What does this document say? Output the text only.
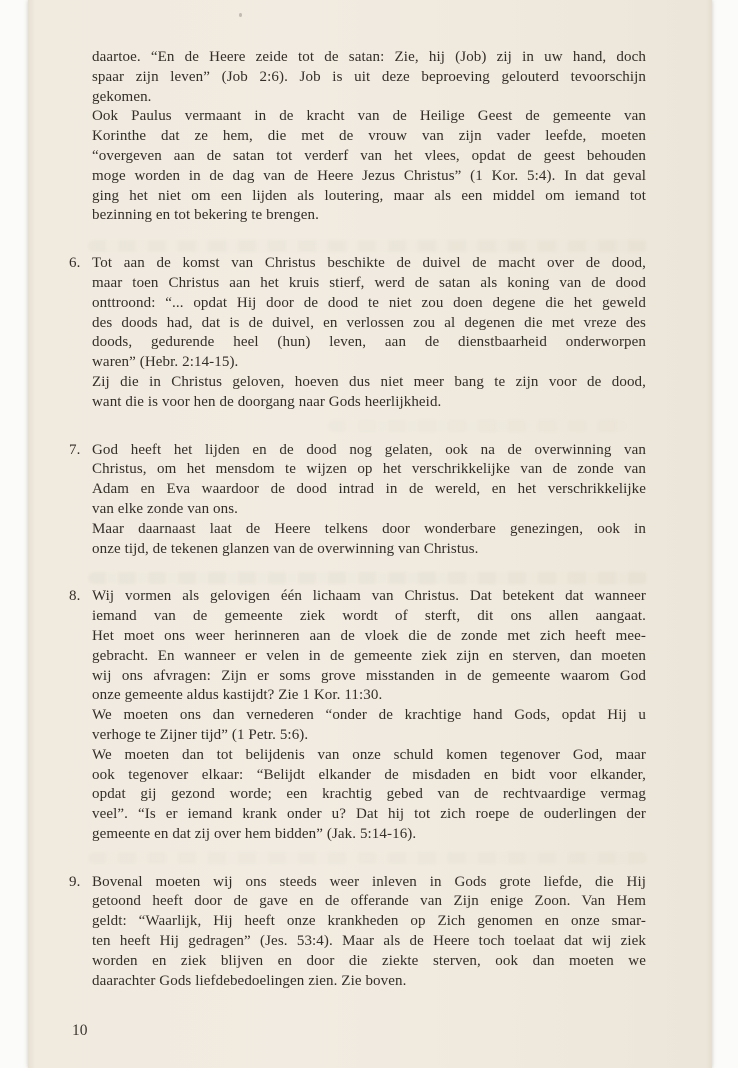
daartoe. “En de Heere zeide tot de satan: Zie, hij (Job) zij in uw hand, doch
spaar zijn leven” (Job 2:6). Job is uit deze beproeving gelouterd tevoorschijn
gekomen.
Ook Paulus vermaant in de kracht van de Heilige Geest de gemeente van
Korinthe dat ze hem, die met de vrouw van zijn vader leefde, moeten
“overgeven aan de satan tot verderf van het vlees, opdat de geest behouden
moge worden in de dag van de Heere Jezus Christus” (1 Kor. 5:4). In dat geval
ging het niet om een lijden als loutering, maar als een middel om iemand tot
bezinning en tot bekering te brengen.
6. Tot aan de komst van Christus beschikte de duivel de macht over de dood,
maar toen Christus aan het kruis stierf, werd de satan als koning van de dood
onttroond: “... opdat Hij door de dood te niet zou doen degene die het geweld
des doods had, dat is de duivel, en verlossen zou al degenen die met vreze des
doods, gedurende heel (hun) leven, aan de dienstbaarheid onderworpen
waren” (Hebr. 2:14-15).
Zij die in Christus geloven, hoeven dus niet meer bang te zijn voor de dood,
want die is voor hen de doorgang naar Gods heerlijkheid.
7. God heeft het lijden en de dood nog gelaten, ook na de overwinning van
Christus, om het mensdom te wijzen op het verschrikkelijke van de zonde van
Adam en Eva waardoor de dood intrad in de wereld, en het verschrikkelijke
van elke zonde van ons.
Maar daarnaast laat de Heere telkens door wonderbare genezingen, ook in
onze tijd, de tekenen glanzen van de overwinning van Christus.
8. Wij vormen als gelovigen één lichaam van Christus. Dat betekent dat wanneer
iemand van de gemeente ziek wordt of sterft, dit ons allen aangaat.
Het moet ons weer herinneren aan de vloek die de zonde met zich heeft mee-
gebracht. En wanneer er velen in de gemeente ziek zijn en sterven, dan moeten
wij ons afvragen: Zijn er soms grove misstanden in de gemeente waarom God
onze gemeente aldus kastijdt? Zie 1 Kor. 11:30.
We moeten ons dan vernederen “onder de krachtige hand Gods, opdat Hij u
verhoge te Zijner tijd” (1 Petr. 5:6).
We moeten dan tot belijdenis van onze schuld komen tegenover God, maar
ook tegenover elkaar: “Belijdt elkander de misdaden en bidt voor elkander,
opdat gij gezond worde; een krachtig gebed van de rechtvaardige vermag
veel”. “Is er iemand krank onder u? Dat hij tot zich roepe de ouderlingen der
gemeente en dat zij over hem bidden” (Jak. 5:14-16).
9. Bovenal moeten wij ons steeds weer inleven in Gods grote liefde, die Hij
getoond heeft door de gave en de offerande van Zijn enige Zoon. Van Hem
geldt: “Waarlijk, Hij heeft onze krankheden op Zich genomen en onze smar-
ten heeft Hij gedragen” (Jes. 53:4). Maar als de Heere toch toelaat dat wij ziek
worden en ziek blijven en door die ziekte sterven, ook dan moeten we
daarachter Gods liefdebedoelingen zien. Zie boven.
10
